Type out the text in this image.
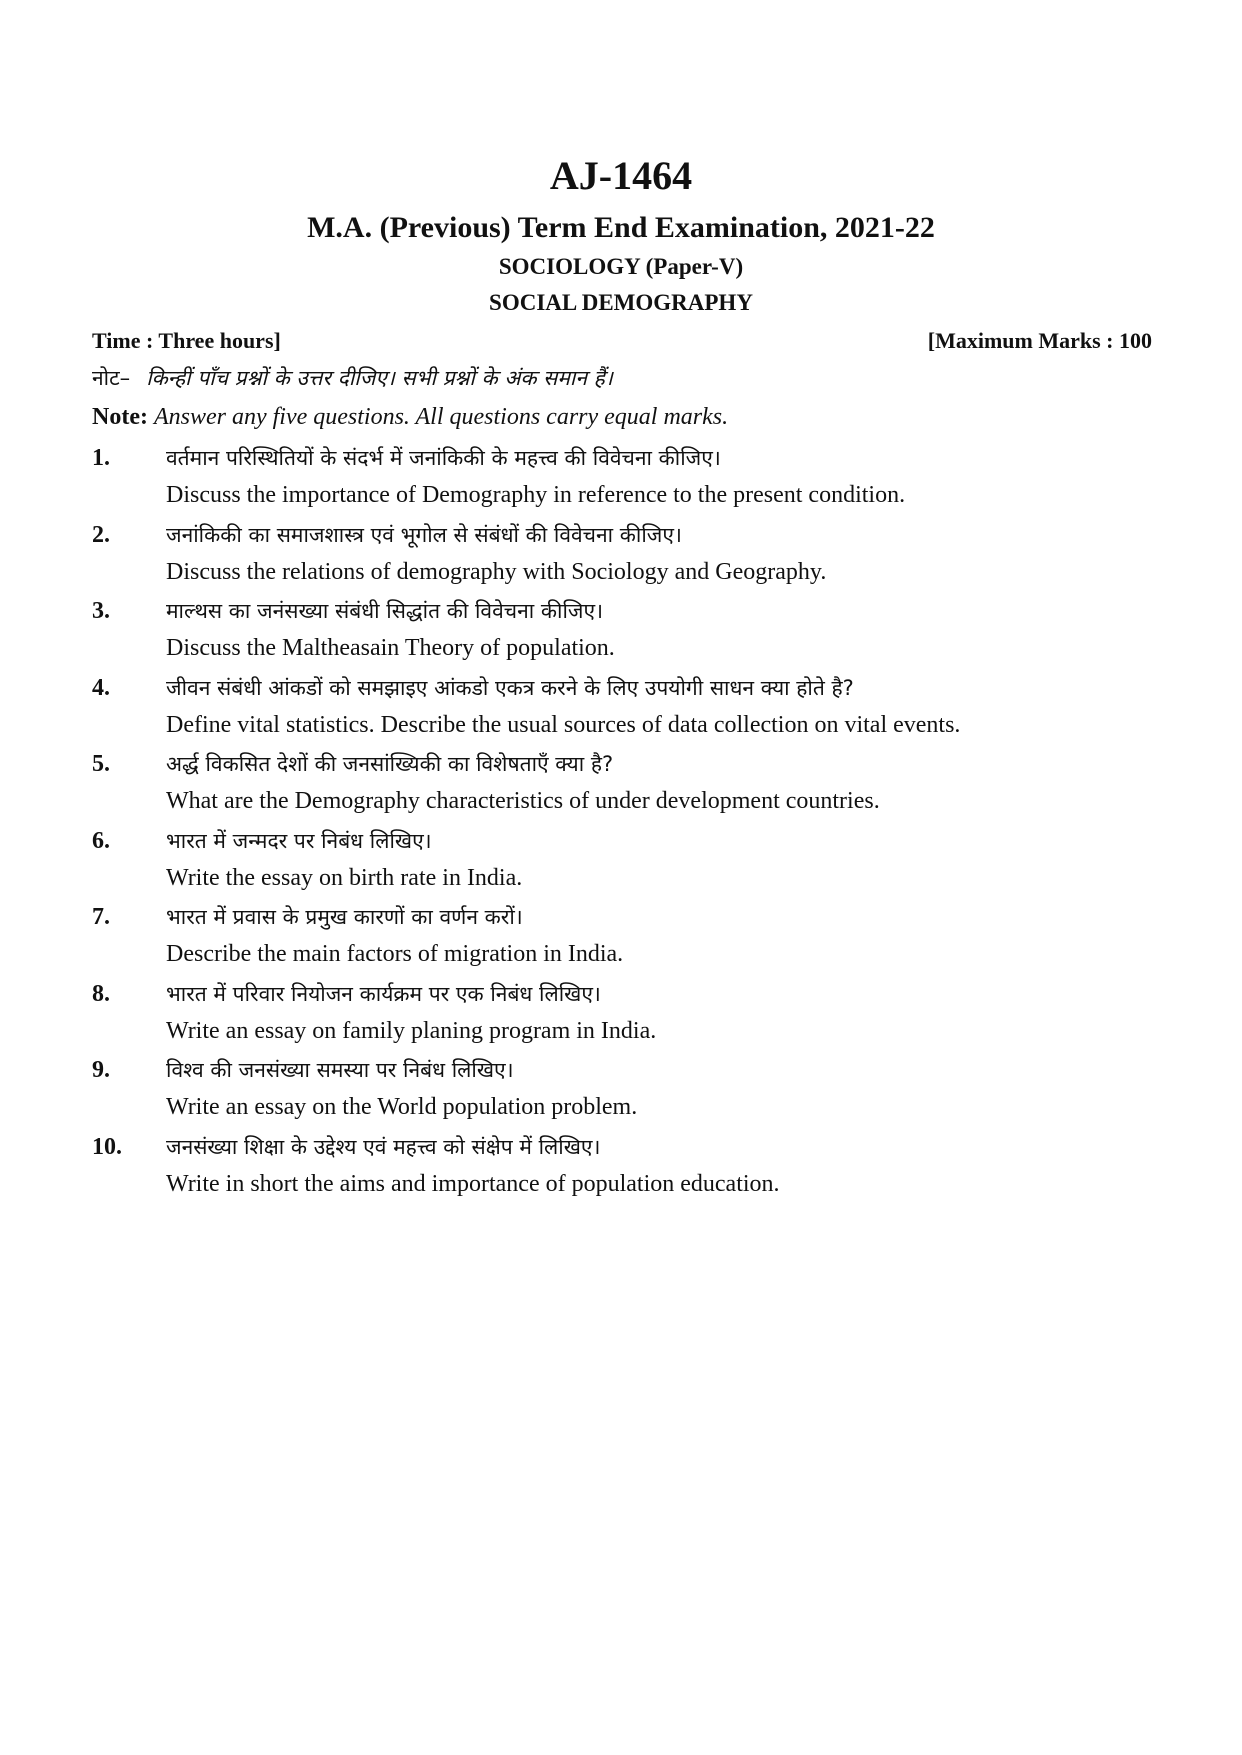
AJ-1464
M.A. (Previous) Term End Examination, 2021-22
SOCIOLOGY (Paper-V)
SOCIAL DEMOGRAPHY
Time : Three hours]	[Maximum Marks : 100
नोट– किन्हीं पाँच प्रश्नों के उत्तर दीजिए। सभी प्रश्नों के अंक समान हैं।
Note: Answer any five questions. All questions carry equal marks.
1.	वर्तमान परिस्थितियों के संदर्भ में जनांकिकी के महत्त्व की विवेचना कीजिए।
Discuss the importance of Demography in reference to the present condition.
2.	जनांकिकी का समाजशास्त्र एवं भूगोल से संबंधों की विवेचना कीजिए।
Discuss the relations of demography with Sociology and Geography.
3.	माल्थस का जनंसख्या संबंधी सिद्धांत की विवेचना कीजिए।
Discuss the Maltheasain Theory of population.
4.	जीवन संबंधी आंकडों को समझाइए आंकडो एकत्र करने के लिए उपयोगी साधन क्या होते है?
Define vital statistics. Describe the usual sources of data collection on vital events.
5.	अर्द्ध विकसित देशों की जनसांख्यिकी का विशेषताएँ क्या है?
What are the Demography characteristics of under development countries.
6.	भारत में जन्मदर पर निबंध लिखिए।
Write the essay on birth rate in India.
7.	भारत में प्रवास के प्रमुख कारणों का वर्णन करों।
Describe the main factors of migration in India.
8.	भारत में परिवार नियोजन कार्यक्रम पर एक निबंध लिखिए।
Write an essay on family planing program in India.
9.	विश्व की जनसंख्या समस्या पर निबंध लिखिए।
Write an essay on the World population problem.
10. जनसंख्या शिक्षा के उद्देश्य एवं महत्त्व को संक्षेप में लिखिए।
Write in short the aims and importance of population education.
